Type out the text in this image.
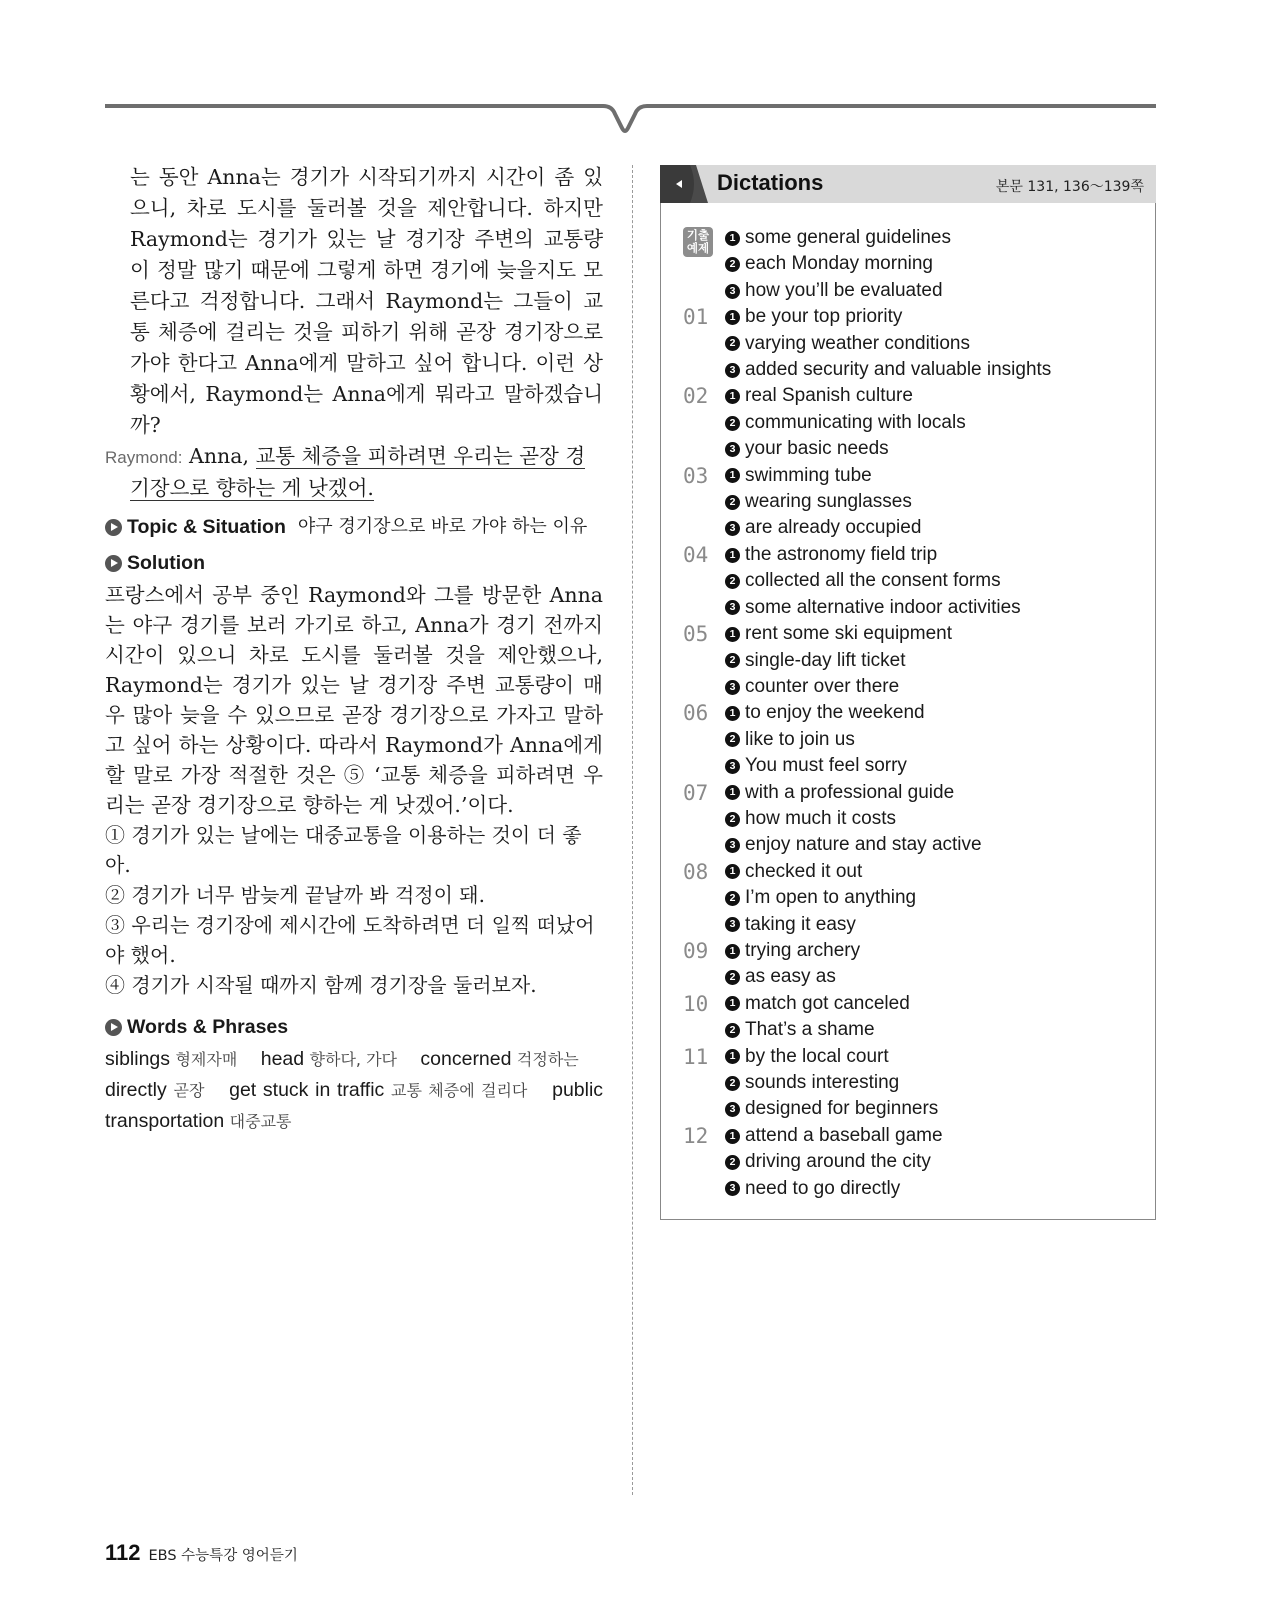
는 동안 Anna는 경기가 시작되기까지 시간이 좀 있으니, 차로 도시를 둘러볼 것을 제안합니다. 하지만 Raymond는 경기가 있는 날 경기장 주변의 교통량이 정말 많기 때문에 그렇게 하면 경기에 늦을지도 모른다고 걱정합니다. 그래서 Raymond는 그들이 교통 체증에 걸리는 것을 피하기 위해 곧장 경기장으로 가야 한다고 Anna에게 말하고 싶어 합니다. 이런 상황에서, Raymond는 Anna에게 뭐라고 말하겠습니까?

Raymond: Anna, 교통 체증을 피하려면 우리는 곧장 경기장으로 향하는 게 낫겠어.

Topic & Situation 야구 경기장으로 바로 가야 하는 이유
Solution

프랑스에서 공부 중인 Raymond와 그를 방문한 Anna는 야구 경기를 보러 가기로 하고, Anna가 경기 전까지 시간이 있으니 차로 도시를 둘러볼 것을 제안했으나, Raymond는 경기가 있는 날 경기장 주변 교통량이 매우 많아 늦을 수 있으므로 곧장 경기장으로 가자고 말하고 싶어 하는 상황이다. 따라서 Raymond가 Anna에게 할 말로 가장 적절한 것은 ⑤ ‘교통 체증을 피하려면 우리는 곧장 경기장으로 향하는 게 낫겠어.’이다.

① 경기가 있는 날에는 대중교통을 이용하는 것이 더 좋아.

② 경기가 너무 밤늦게 끝날까 봐 걱정이 돼.

③ 우리는 경기장에 제시간에 도착하려면 더 일찍 떠났어야 했어.

④ 경기가 시작될 때까지 함께 경기장을 둘러보자.

Words & Phrases

siblings 형제자매 head 향하다, 가다 concerned 걱정하는
directly 곧장 get stuck in traffic 교통 체증에 걸리다 public transportation 대중교통

Dictations	본문 131, 136～139쪽
기출
예제
1 some general guidelines
2 each Monday morning
3 how you’ll be evaluated
01	1 be your top priority
2 varying weather conditions
3 added security and valuable insights
02	1 real Spanish culture
2 communicating with locals
3 your basic needs
03	1 swimming tube
2 wearing sunglasses
3 are already occupied
04	1 the astronomy field trip
2 collected all the consent forms
3 some alternative indoor activities
05	1 rent some ski equipment
2 single-day lift ticket
3 counter over there
06	1 to enjoy the weekend
2 like to join us
3 You must feel sorry
07	1 with a professional guide
2 how much it costs
3 enjoy nature and stay active
08	1 checked it out
2 I’m open to anything
3 taking it easy
09	1 trying archery
2 as easy as
10	1 match got canceled
2 That’s a shame
11	1 by the local court
2 sounds interesting
3 designed for beginners
12	1 attend a baseball game
2 driving around the city
3 need to go directly
112 EBS 수능특강 영어듣기
